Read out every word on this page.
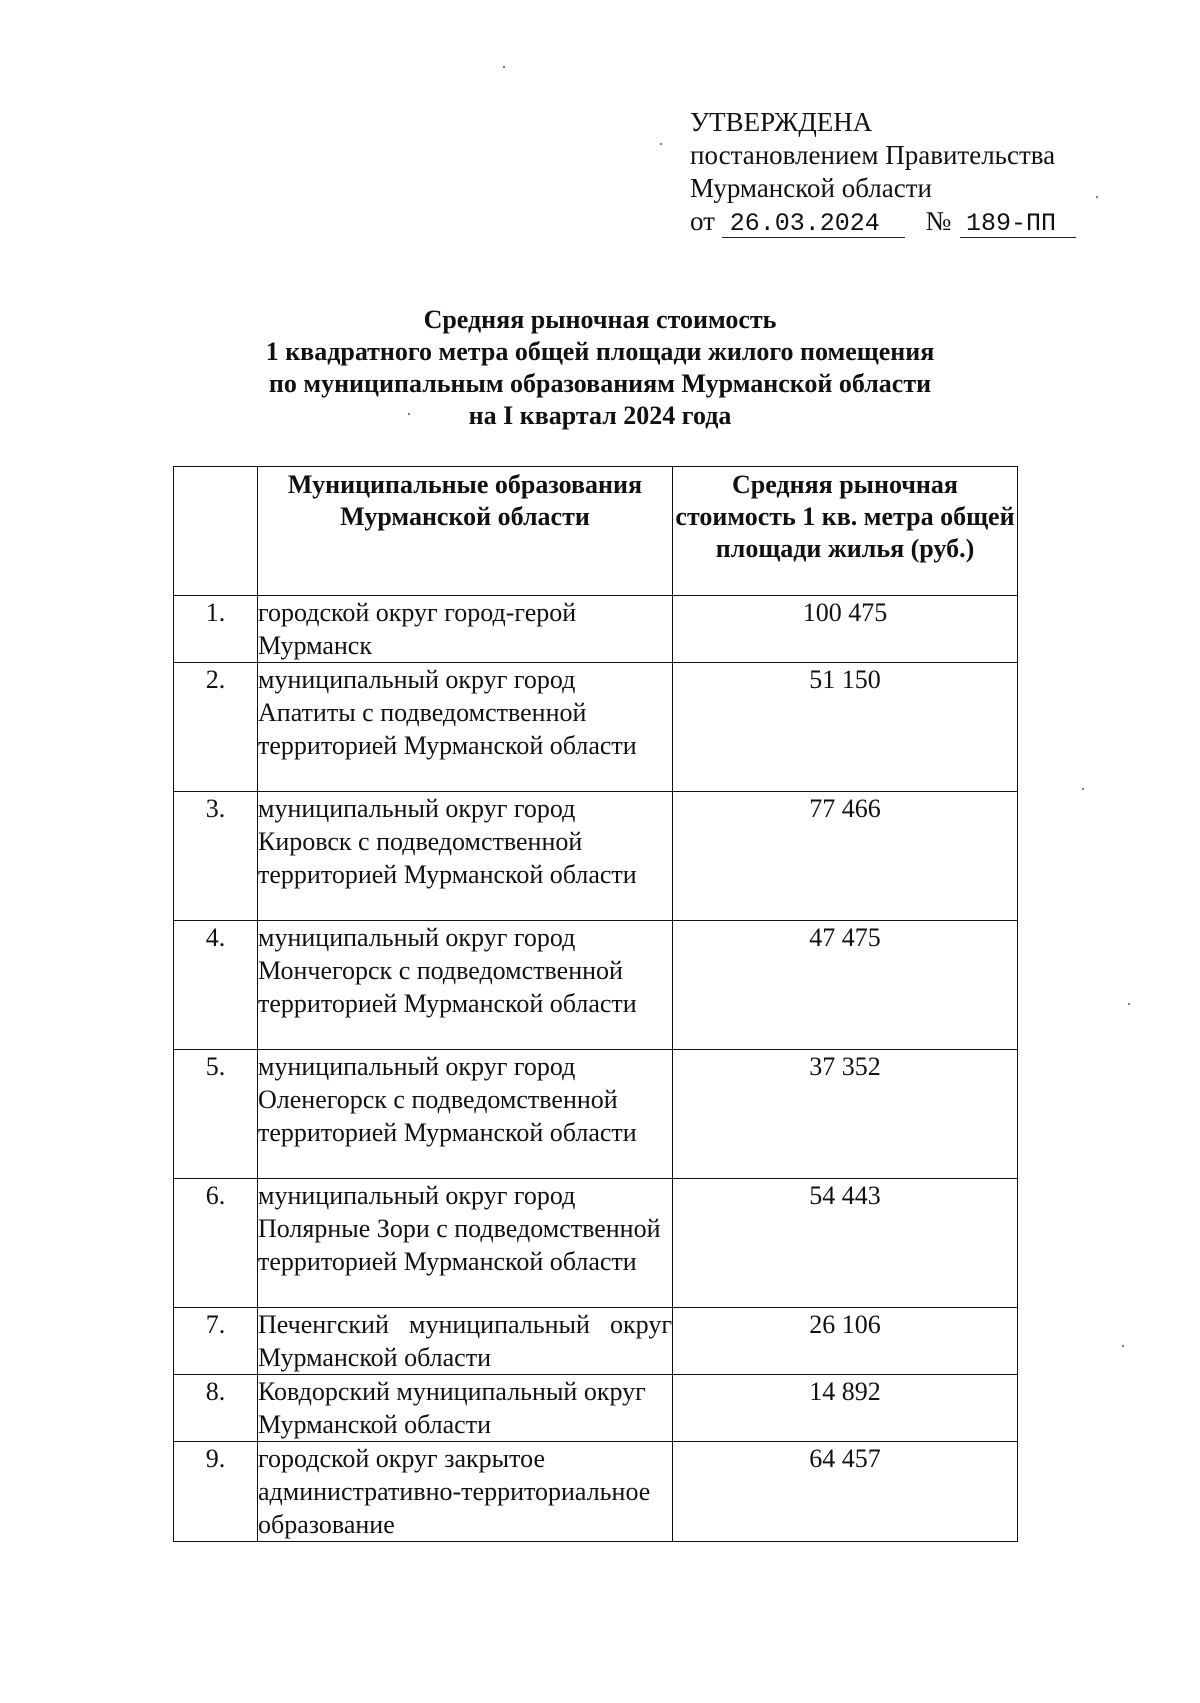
УТВЕРЖДЕНА
постановлением Правительства
Мурманской области
от 26.03.2024 № 189-ПП
Средняя рыночная стоимость
1 квадратного метра общей площади жилого помещения
по муниципальным образованиям Мурманской области
на I квартал 2024 года
	Муниципальные образования Мурманской области	Средняя рыночная стоимость 1 кв. метра общей площади жилья (руб.)
1.	городской округ город-герой Мурманск	100 475
2.	муниципальный округ город Апатиты с подведомственной территорией Мурманской области	51 150
3.	муниципальный округ город Кировск с подведомственной территорией Мурманской области	77 466
4.	муниципальный округ город Мончегорск с подведомственной территорией Мурманской области	47 475
5.	муниципальный округ город Оленегорск с подведомственной территорией Мурманской области	37 352
6.	муниципальный округ город Полярные Зори с подведомственной территорией Мурманской области	54 443
7.	Печенгский муниципальный округ Мурманской области	26 106
8.	Ковдорский муниципальный округ Мурманской области	14 892
9.	городской округ закрытое административно-территориальное образование	64 457
